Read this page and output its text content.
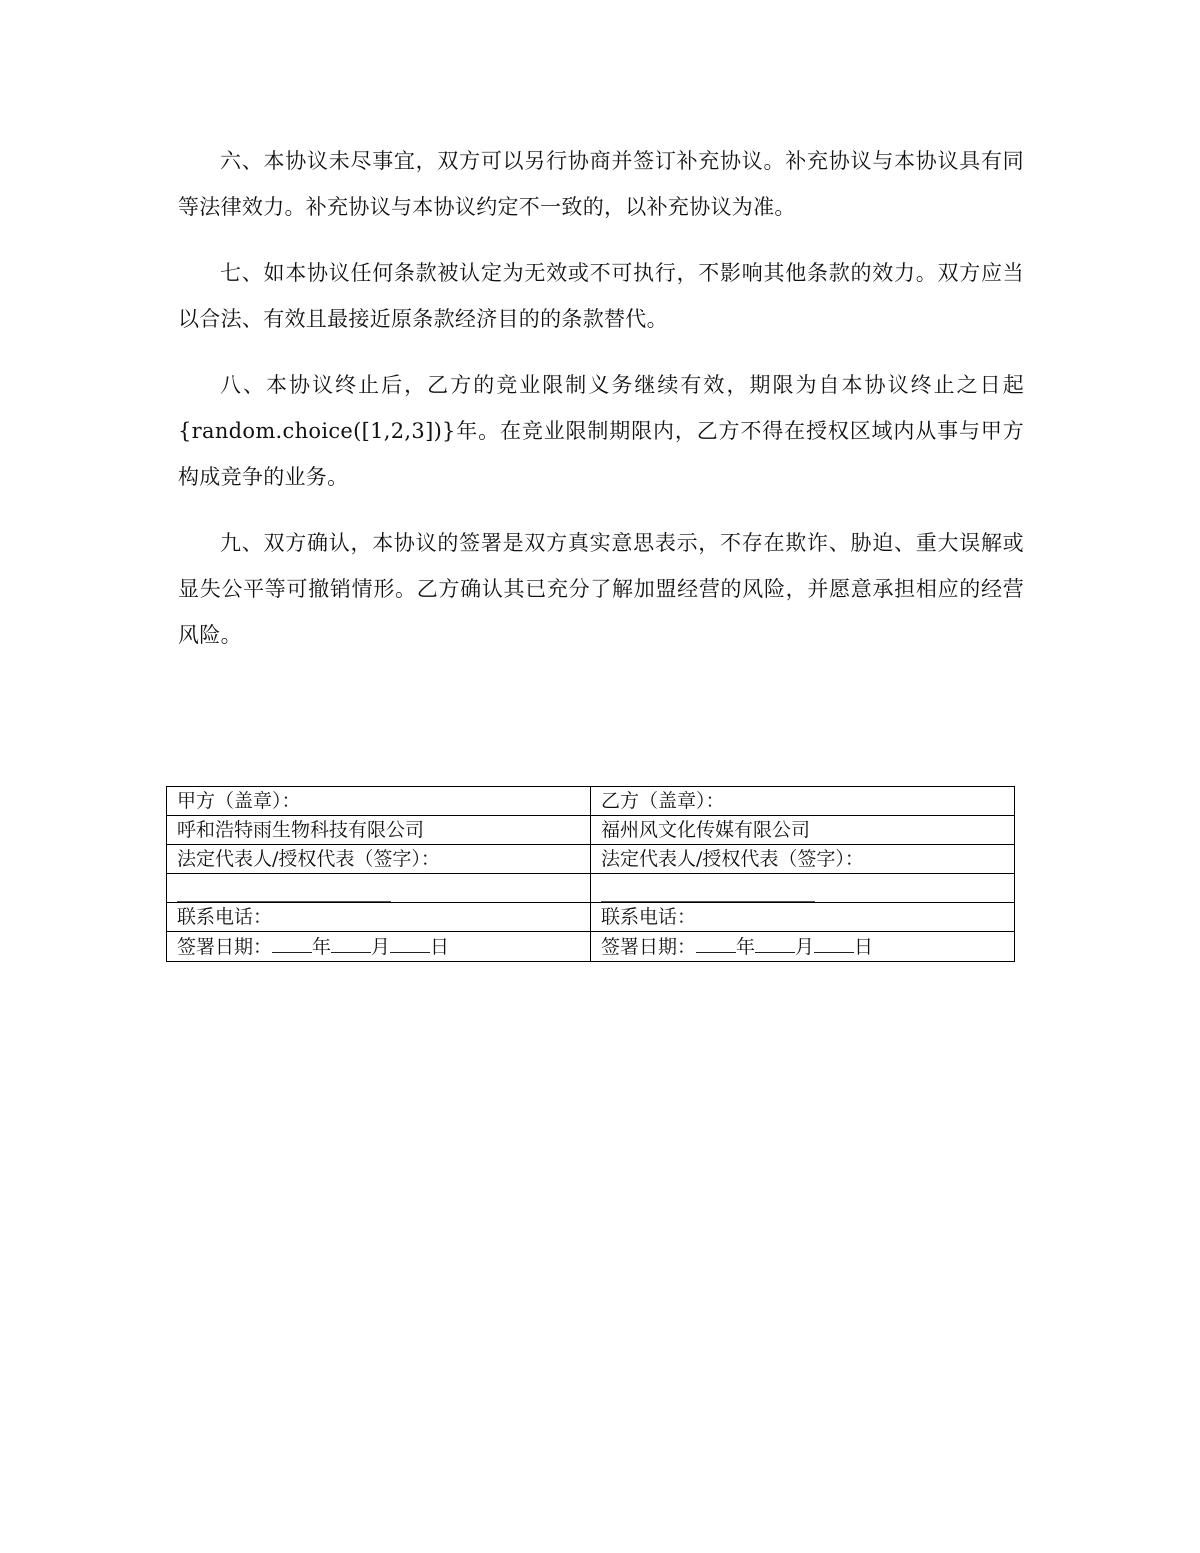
六、本协议未尽事宜，双方可以另行协商并签订补充协议。补充协议与本协议具有同等法律效力。补充协议与本协议约定不一致的，以补充协议为准。

七、如本协议任何条款被认定为无效或不可执行，不影响其他条款的效力。双方应当以合法、有效且最接近原条款经济目的的条款替代。

八、本协议终止后，乙方的竞业限制义务继续有效，期限为自本协议终止之日起{random.choice([1,2,3])}年。在竞业限制期限内，乙方不得在授权区域内从事与甲方构成竞争的业务。

九、双方确认，本协议的签署是双方真实意思表示，不存在欺诈、胁迫、重大误解或显失公平等可撤销情形。乙方确认其已充分了解加盟经营的风险，并愿意承担相应的经营风险。

甲方（盖章）：	乙方（盖章）：
呼和浩特雨生物科技有限公司	福州风文化传媒有限公司
法定代表人/授权代表（签字）：	法定代表人/授权代表（签字）：

联系电话：	联系电话：
签署日期： 年 月 日	签署日期： 年 月 日
